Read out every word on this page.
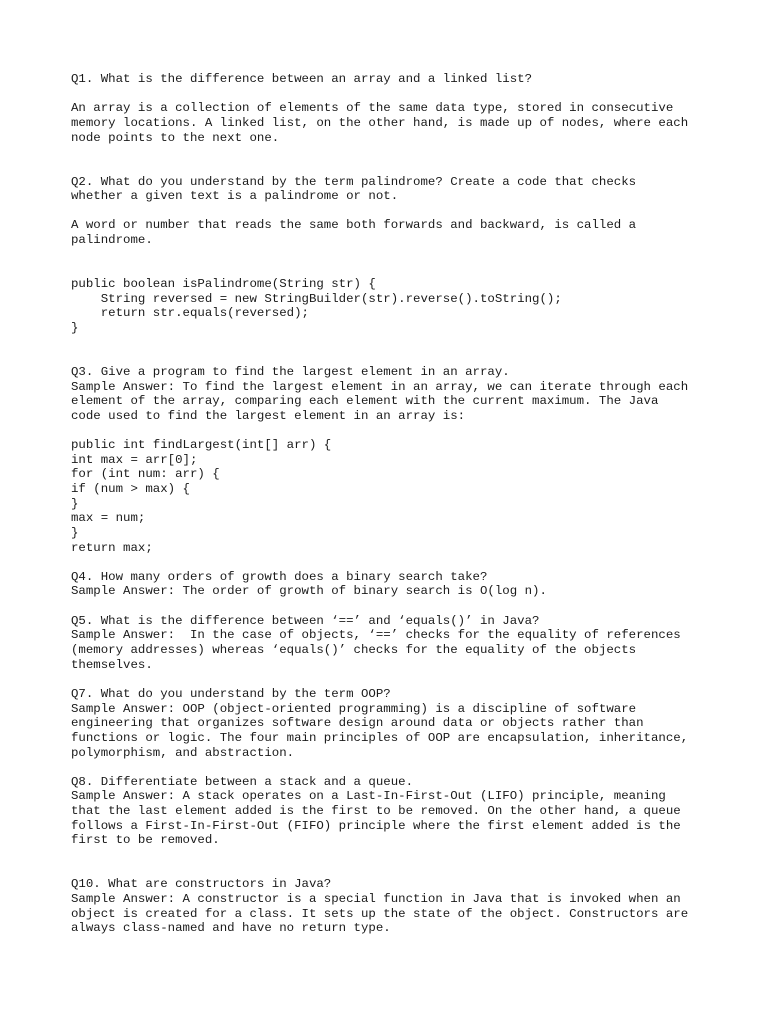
Q1. What is the difference between an array and a linked list?
An array is a collection of elements of the same data type, stored in consecutive
memory locations. A linked list, on the other hand, is made up of nodes, where each
node points to the next one.
Q2. What do you understand by the term palindrome? Create a code that checks
whether a given text is a palindrome or not.
A word or number that reads the same both forwards and backward, is called a
palindrome.
public boolean isPalindrome(String str) {
String reversed = new StringBuilder(str).reverse().toString();
return str.equals(reversed);
}
Q3. Give a program to find the largest element in an array.
Sample Answer: To find the largest element in an array, we can iterate through each
element of the array, comparing each element with the current maximum. The Java
code used to find the largest element in an array is:
public int findLargest(int[] arr) {
int max = arr[0];
for (int num: arr) {
if (num > max) {
}
max = num;
}
return max;
Q4. How many orders of growth does a binary search take?
Sample Answer: The order of growth of binary search is O(log n).
Q5. What is the difference between ‘==’ and ‘equals()’ in Java?
Sample Answer:  In the case of objects, ‘==’ checks for the equality of references
(memory addresses) whereas ‘equals()’ checks for the equality of the objects
themselves.
Q7. What do you understand by the term OOP?
Sample Answer: OOP (object-oriented programming) is a discipline of software
engineering that organizes software design around data or objects rather than
functions or logic. The four main principles of OOP are encapsulation, inheritance,
polymorphism, and abstraction.
Q8. Differentiate between a stack and a queue.
Sample Answer: A stack operates on a Last-In-First-Out (LIFO) principle, meaning
that the last element added is the first to be removed. On the other hand, a queue
follows a First-In-First-Out (FIFO) principle where the first element added is the
first to be removed.
Q10. What are constructors in Java?
Sample Answer: A constructor is a special function in Java that is invoked when an
object is created for a class. It sets up the state of the object. Constructors are
always class-named and have no return type.
